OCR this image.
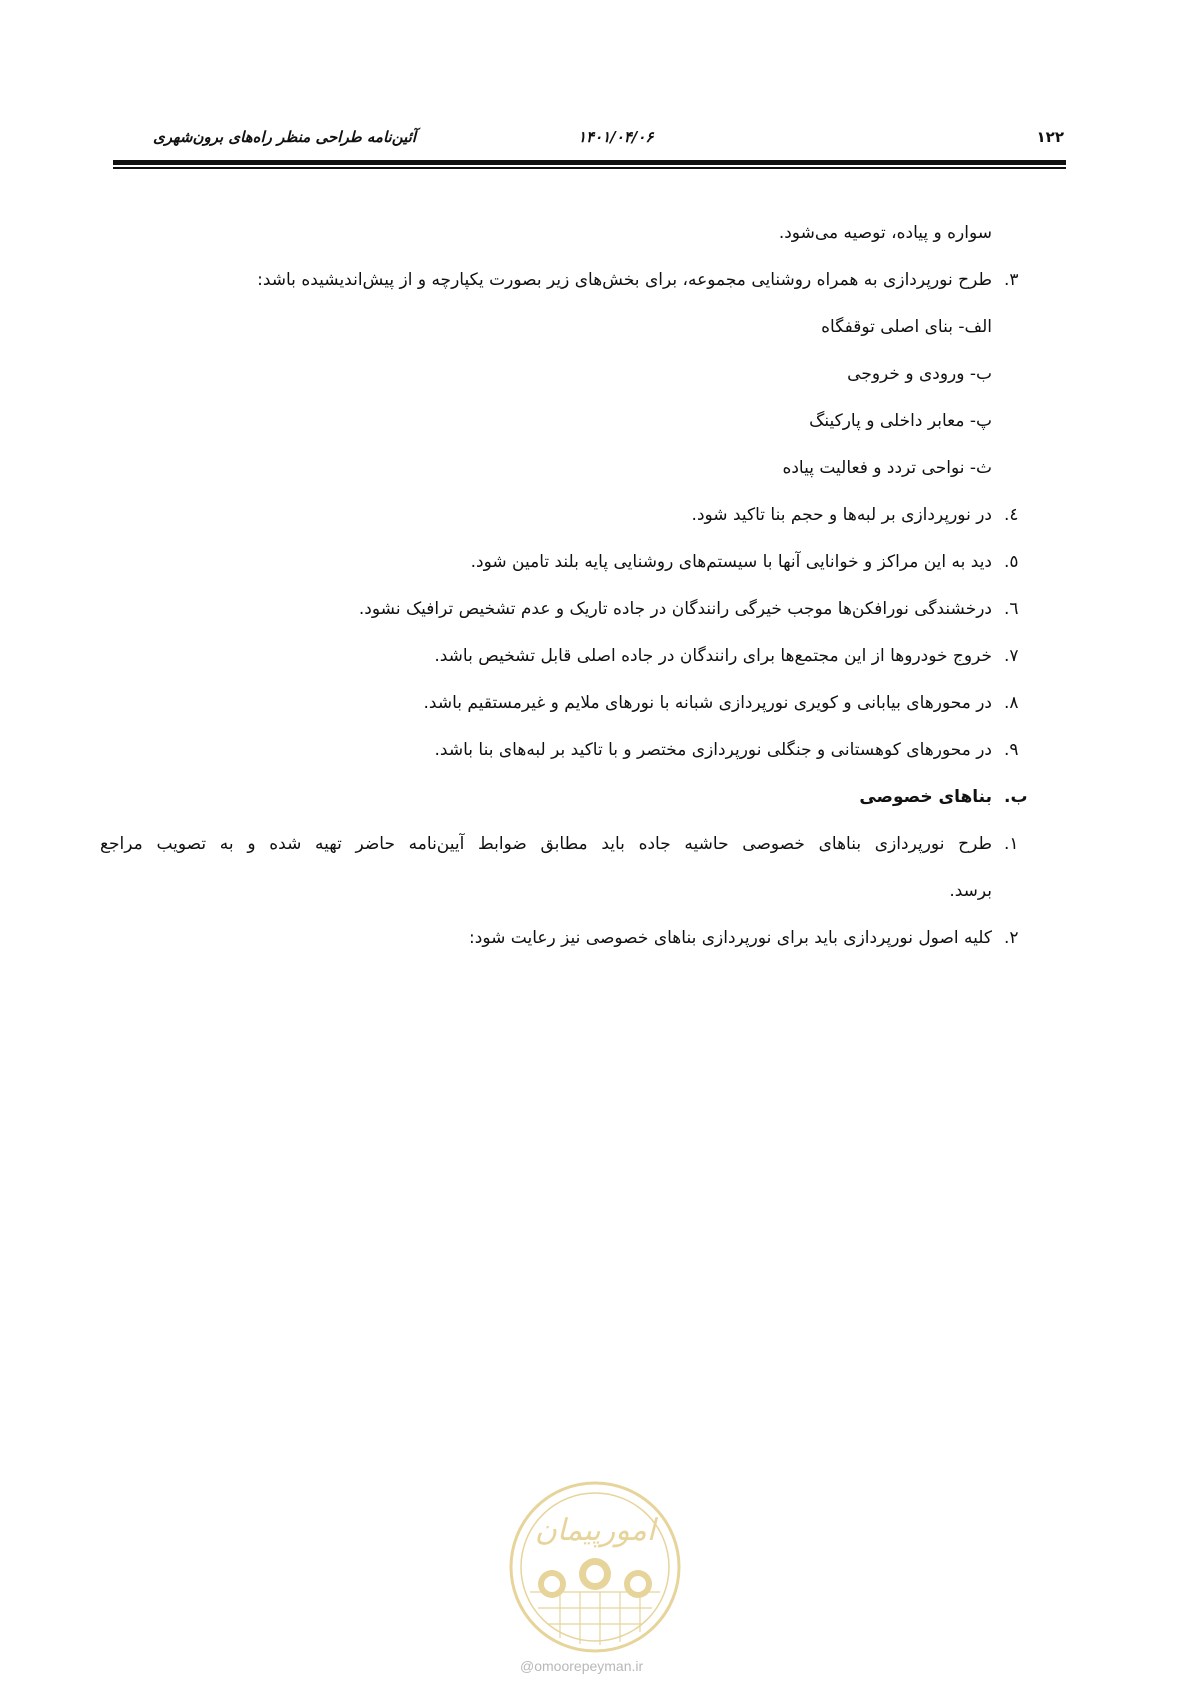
۱۲۲
۱۴۰۱/۰۴/۰۶
آئین‌نامه طراحی منظر راه‌های برون‌شهری
سواره و پیاده، توصیه می‌شود.
۳.
طرح نورپردازی به همراه روشنایی مجموعه، برای بخش‌های زیر بصورت یکپارچه و از پیش‌اندیشیده باشد:
الف- بنای اصلی توقفگاه
ب- ورودی و خروجی
پ- معابر داخلی و پارکینگ
ث- نواحی تردد و فعالیت پیاده
٤.
در نورپردازی بر لبه‌ها و حجم بنا تاکید شود.
٥.
دید به این مراکز و خوانایی آنها با سیستم‌های روشنایی پایه بلند تامین شود.
٦.
درخشندگی نورافکن‌ها موجب خیرگی رانندگان در جاده تاریک و عدم تشخیص ترافیک نشود.
٧.
خروج خودروها از این مجتمع‌ها برای رانندگان در جاده اصلی قابل تشخیص باشد.
٨.
در محورهای بیابانی و کویری نورپردازی شبانه با نورهای ملایم و غیرمستقیم باشد.
٩.
در محورهای کوهستانی و جنگلی نورپردازی مختصر و با تاکید بر لبه‌های بنا باشد.
ب.
بناهای خصوصی
۱.
طرح نورپردازی بناهای خصوصی حاشیه جاده باید مطابق ضوابط آیین‌نامه حاضر تهیه شده و به تصویب مراجع
برسد.
۲.
کلیه اصول نورپردازی باید برای نورپردازی بناهای خصوصی نیز رعایت شود:
امورپیمان
@omoorepeyman.ir
